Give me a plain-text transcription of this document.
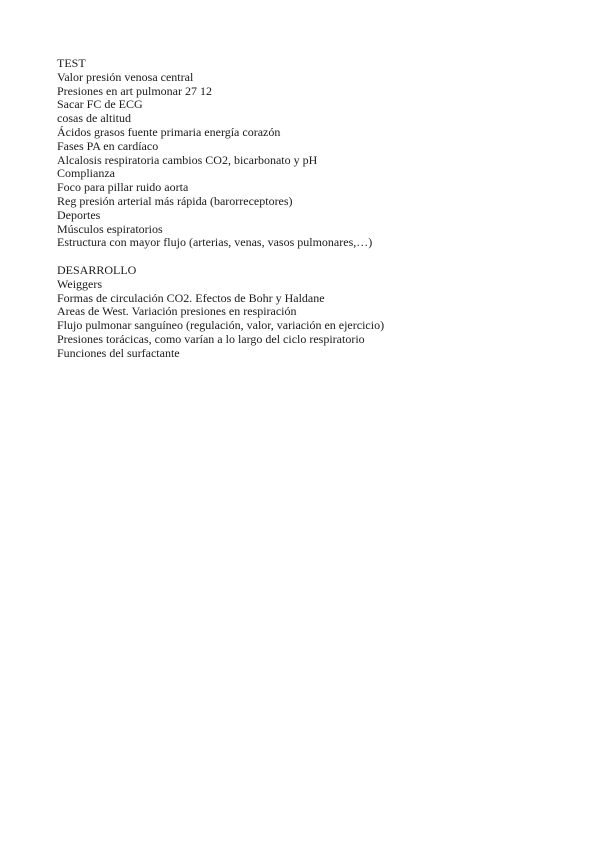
TEST
Valor presión venosa central
Presiones en art pulmonar 27 12
Sacar FC de ECG
cosas de altitud
Ácidos grasos fuente primaria energía corazón
Fases PA en cardíaco
Alcalosis respiratoria cambios CO2, bicarbonato y pH
Complianza
Foco para pillar ruido aorta
Reg presión arterial más rápida (barorreceptores)
Deportes
Músculos espiratorios
Estructura con mayor flujo (arterias, venas, vasos pulmonares,…)
DESARROLLO
Weiggers
Formas de circulación CO2. Efectos de Bohr y Haldane
Areas de West. Variación presiones en respiración
Flujo pulmonar sanguíneo (regulación, valor, variación en ejercicio)
Presiones torácicas, como varían a lo largo del ciclo respiratorio
Funciones del surfactante
